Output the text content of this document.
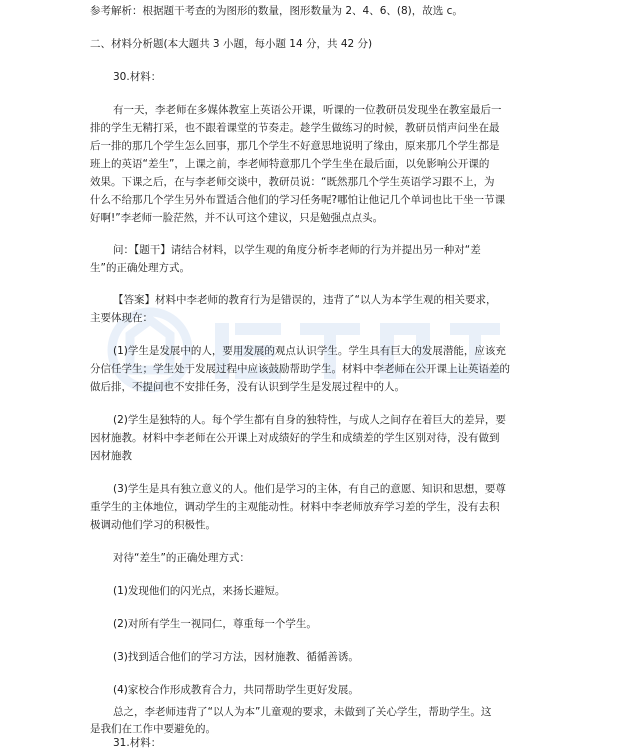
参考解析：根据题干考查的为图形的数量，图形数量为 2、4、6、(8)，故选 c。
二、材料分析题(本大题共 3 小题，每小题 14 分，共 42 分)
30.材料：
有一天，李老师在多媒体教室上英语公开课，听课的一位教研员发现坐在教室最后一
排的学生无精打采，也不跟着课堂的节奏走。趁学生做练习的时候，教研员悄声问坐在最
后一排的那几个学生怎么回事，那几个学生不好意思地说明了缘由，原来那几个学生都是
班上的英语“差生”，上课之前，李老师特意那几个学生坐在最后面，以免影响公开课的
效果。下课之后，在与李老师交谈中，教研员说：“既然那几个学生英语学习跟不上，为
什么不给那几个学生另外布置适合他们的学习任务呢?哪怕让他记几个单词也比干坐一节课
好啊!”李老师一脸茫然，并不认可这个建议，只是勉强点点头。
问：【题干】请结合材料，以学生观的角度分析李老师的行为并提出另一种对“差
生”的正确处理方式。
【答案】材料中李老师的教育行为是错误的，违背了“以人为本学生观的相关要求，
主要体现在：
(1)学生是发展中的人，要用发展的观点认识学生。学生具有巨大的发展潜能，应该充
分信任学生；学生处于发展过程中应该鼓励帮助学生。材料中李老师在公开课上让英语差的
做后排，不提问也不安排任务，没有认识到学生是发展过程中的人。
(2)学生是独特的人。每个学生都有自身的独特性，与成人之间存在着巨大的差异，要
因材施教。材料中李老师在公开课上对成绩好的学生和成绩差的学生区别对待，没有做到
因材施教
(3)学生是具有独立意义的人。他们是学习的主体，有自己的意愿、知识和思想，要尊
重学生的主体地位，调动学生的主观能动性。材料中李老师放弃学习差的学生，没有去积
极调动他们学习的积极性。
对待“差生”的正确处理方式：
(1)发现他们的闪光点，来扬长避短。
(2)对所有学生一视同仁，尊重每一个学生。
(3)找到适合他们的学习方法，因材施教、循循善诱。
(4)家校合作形成教育合力，共同帮助学生更好发展。
总之，李老师违背了“以人为本”儿童观的要求，未做到了关心学生，帮助学生。这
是我们在工作中要避免的。
31.材料：
